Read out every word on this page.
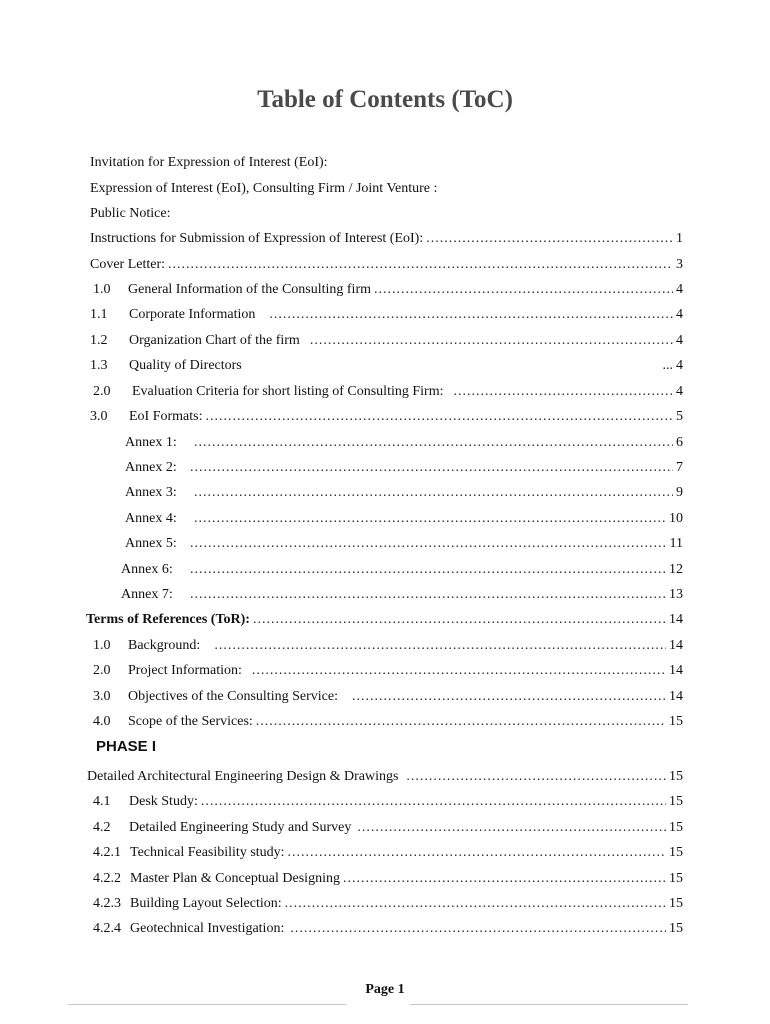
Table of Contents (ToC)
Invitation for Expression of Interest (EoI):
Expression of Interest (EoI), Consulting Firm / Joint Venture :
Public Notice:
Instructions for Submission of Expression of Interest (EoI): .....	1
Cover Letter: .....	3
1.0	General Information of the Consulting firm .....	4
1.1	Corporate Information .....	4
1.2	Organization Chart of the firm .....	4
1.3	Quality of Directors	... 4
2.0	Evaluation Criteria for short listing of Consulting Firm: .....	4
3.0	EoI Formats: .....	5
Annex 1: .....	6
Annex 2: .....	7
Annex 3: .....	9
Annex 4: .....	10
Annex 5: .....	11
Annex 6: .....	12
Annex 7: .....	13
Terms of References (ToR): .....	14
1.0	Background: .....	14
2.0	Project Information: .....	14
3.0	Objectives of the Consulting Service: .....	14
4.0	Scope of the Services: .....	15
PHASE I
Detailed Architectural Engineering Design & Drawings .....	15
4.1	Desk Study: .....	15
4.2	Detailed Engineering Study and Survey .....	15
4.2.1 Technical Feasibility study: .....	15
4.2.2 Master Plan & Conceptual Designing .....	15
4.2.3 Building Layout Selection: .....	15
4.2.4 Geotechnical Investigation: .....	15
Page 1
